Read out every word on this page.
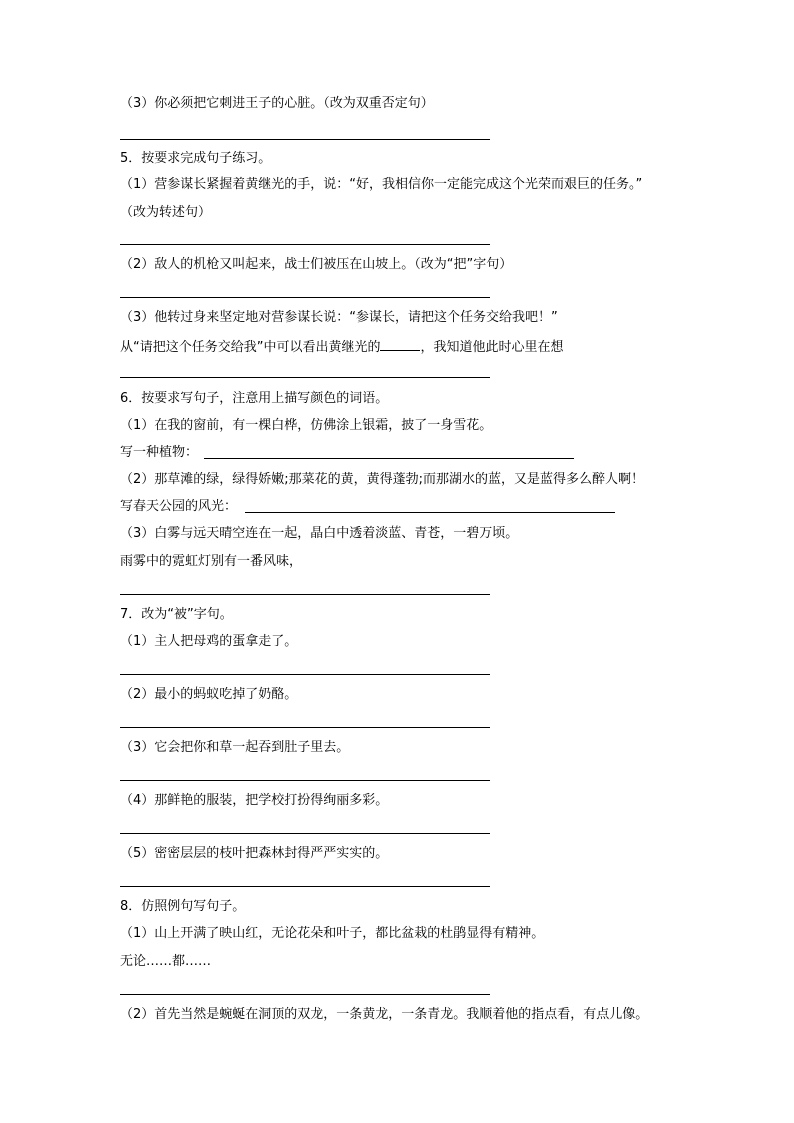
（3）你必须把它刺进王子的心脏。（改为双重否定句）
5．按要求完成句子练习。
（1）营参谋长紧握着黄继光的手，说：“好，我相信你一定能完成这个光荣而艰巨的任务。”
（改为转述句）
（2）敌人的机枪又叫起来，战士们被压在山坡上。（改为“把”字句）
（3）他转过身来坚定地对营参谋长说：“参谋长，请把这个任务交给我吧！”
从“请把这个任务交给我”中可以看出黄继光的	，我知道他此时心里在想
6．按要求写句子，注意用上描写颜色的词语。
（1）在我的窗前，有一棵白桦，仿佛涂上银霜，披了一身雪花。
写一种植物：
（2）那草滩的绿，绿得娇嫩;那菜花的黄，黄得蓬勃;而那湖水的蓝，又是蓝得多么醉人啊！
写春天公园的风光：
（3）白雾与远天晴空连在一起，晶白中透着淡蓝、青苍，一碧万顷。
雨雾中的霓虹灯别有一番风味，
7．改为“被”字句。
（1）主人把母鸡的蛋拿走了。
（2）最小的蚂蚁吃掉了奶酪。
（3）它会把你和草一起吞到肚子里去。
（4）那鲜艳的服装，把学校打扮得绚丽多彩。
（5）密密层层的枝叶把森林封得严严实实的。
8．仿照例句写句子。
（1）山上开满了映山红，无论花朵和叶子，都比盆栽的杜鹃显得有精神。
无论……都……
（2）首先当然是蜿蜒在洞顶的双龙，一条黄龙，一条青龙。我顺着他的指点看，有点儿像。
